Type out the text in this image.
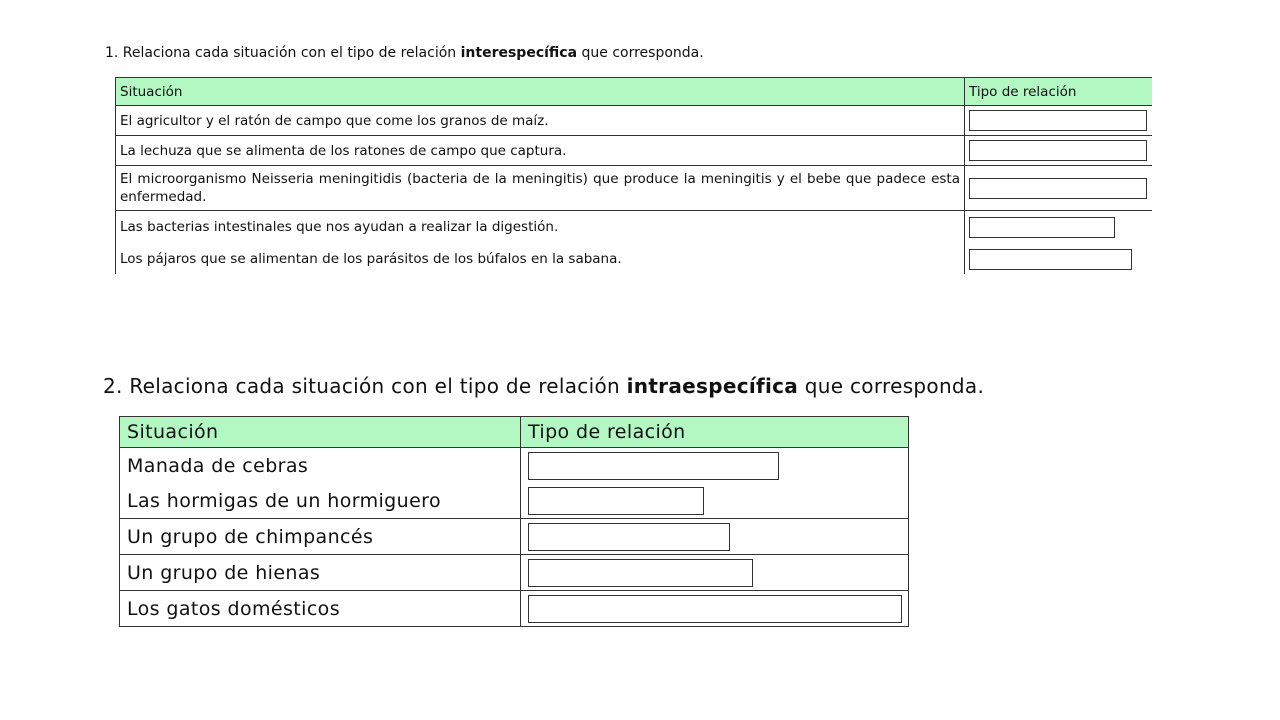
1. Relaciona cada situación con el tipo de relación interespecífica que corresponda.
Situación	Tipo de relación
El agricultor y el ratón de campo que come los granos de maíz.	

La lechuza que se alimenta de los ratones de campo que captura.	

El microorganismo Neisseria meningitidis (bacteria de la meningitis) que produce la meningitis y el bebe que padece esta enfermedad.	

Las bacterias intestinales que nos ayudan a realizar la digestión.	

Los pájaros que se alimentan de los parásitos de los búfalos en la sabana.	
2. Relaciona cada situación con el tipo de relación intraespecífica que corresponda.
Situación	Tipo de relación
Manada de cebras	

Las hormigas de un hormiguero	

Un grupo de chimpancés	

Un grupo de hienas	

Los gatos domésticos	
